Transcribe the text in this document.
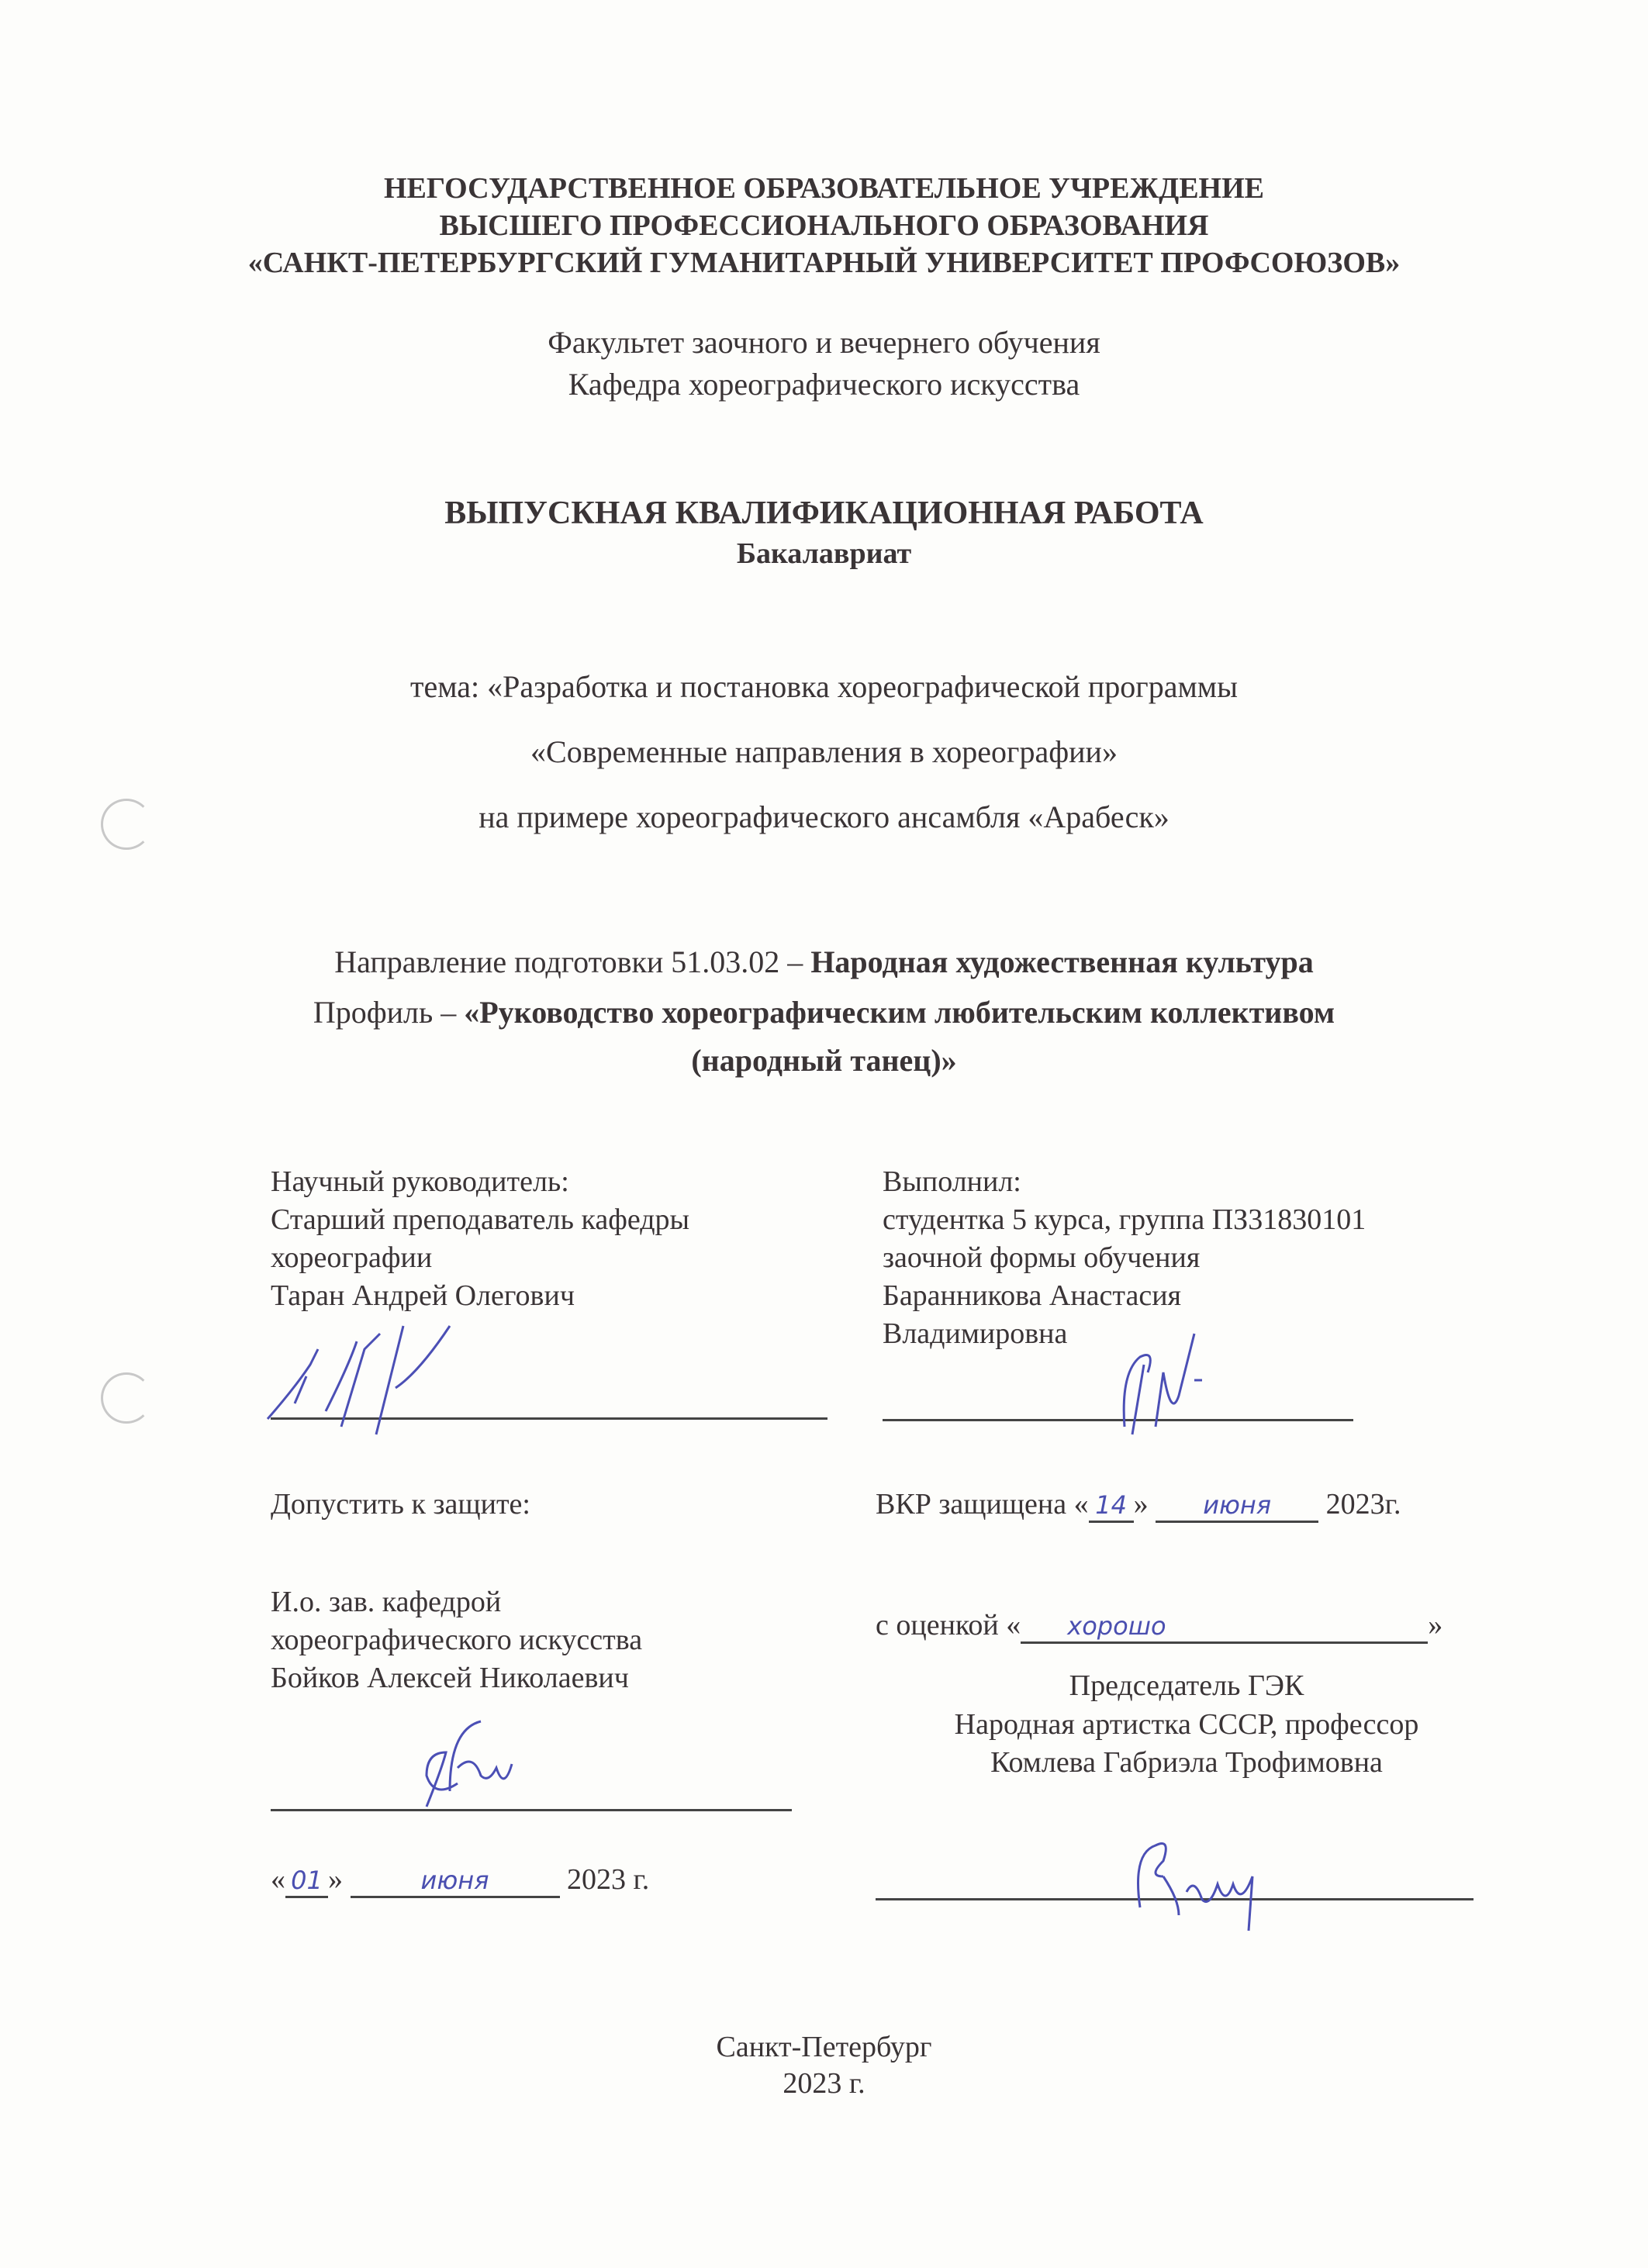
НЕГОСУДАРСТВЕННОЕ ОБРАЗОВАТЕЛЬНОЕ УЧРЕЖДЕНИЕ
ВЫСШЕГО ПРОФЕССИОНАЛЬНОГО ОБРАЗОВАНИЯ
«САНКТ-ПЕТЕРБУРГСКИЙ ГУМАНИТАРНЫЙ УНИВЕРСИТЕТ ПРОФСОЮЗОВ»
Факультет заочного и вечернего обучения
Кафедра хореографического искусства
ВЫПУСКНАЯ КВАЛИФИКАЦИОННАЯ РАБОТА
Бакалавриат
тема: «Разработка и постановка хореографической программы
«Современные направления в хореографии»
на примере хореографического ансамбля «Арабеск»
Направление подготовки 51.03.02 – Народная художественная культура
Профиль – «Руководство хореографическим любительским коллективом
(народный танец)»
Научный руководитель:
Старший преподаватель кафедры
хореографии
Таран Андрей Олегович
Выполнил:
студентка 5 курса, группа ПЗ31830101
заочной формы обучения
Баранникова Анастасия
Владимировна
Допустить к защите:
И.о. зав. кафедрой
хореографического искусства
Бойков Алексей Николаевич
« 01 »	июня	2023 г.
ВКР защищена « 14 » июня 2023г.
с оценкой « хорошо	»
Председатель ГЭК
Народная артистка СССР, профессор
Комлева Габриэла Трофимовна
Санкт-Петербург
2023 г.
